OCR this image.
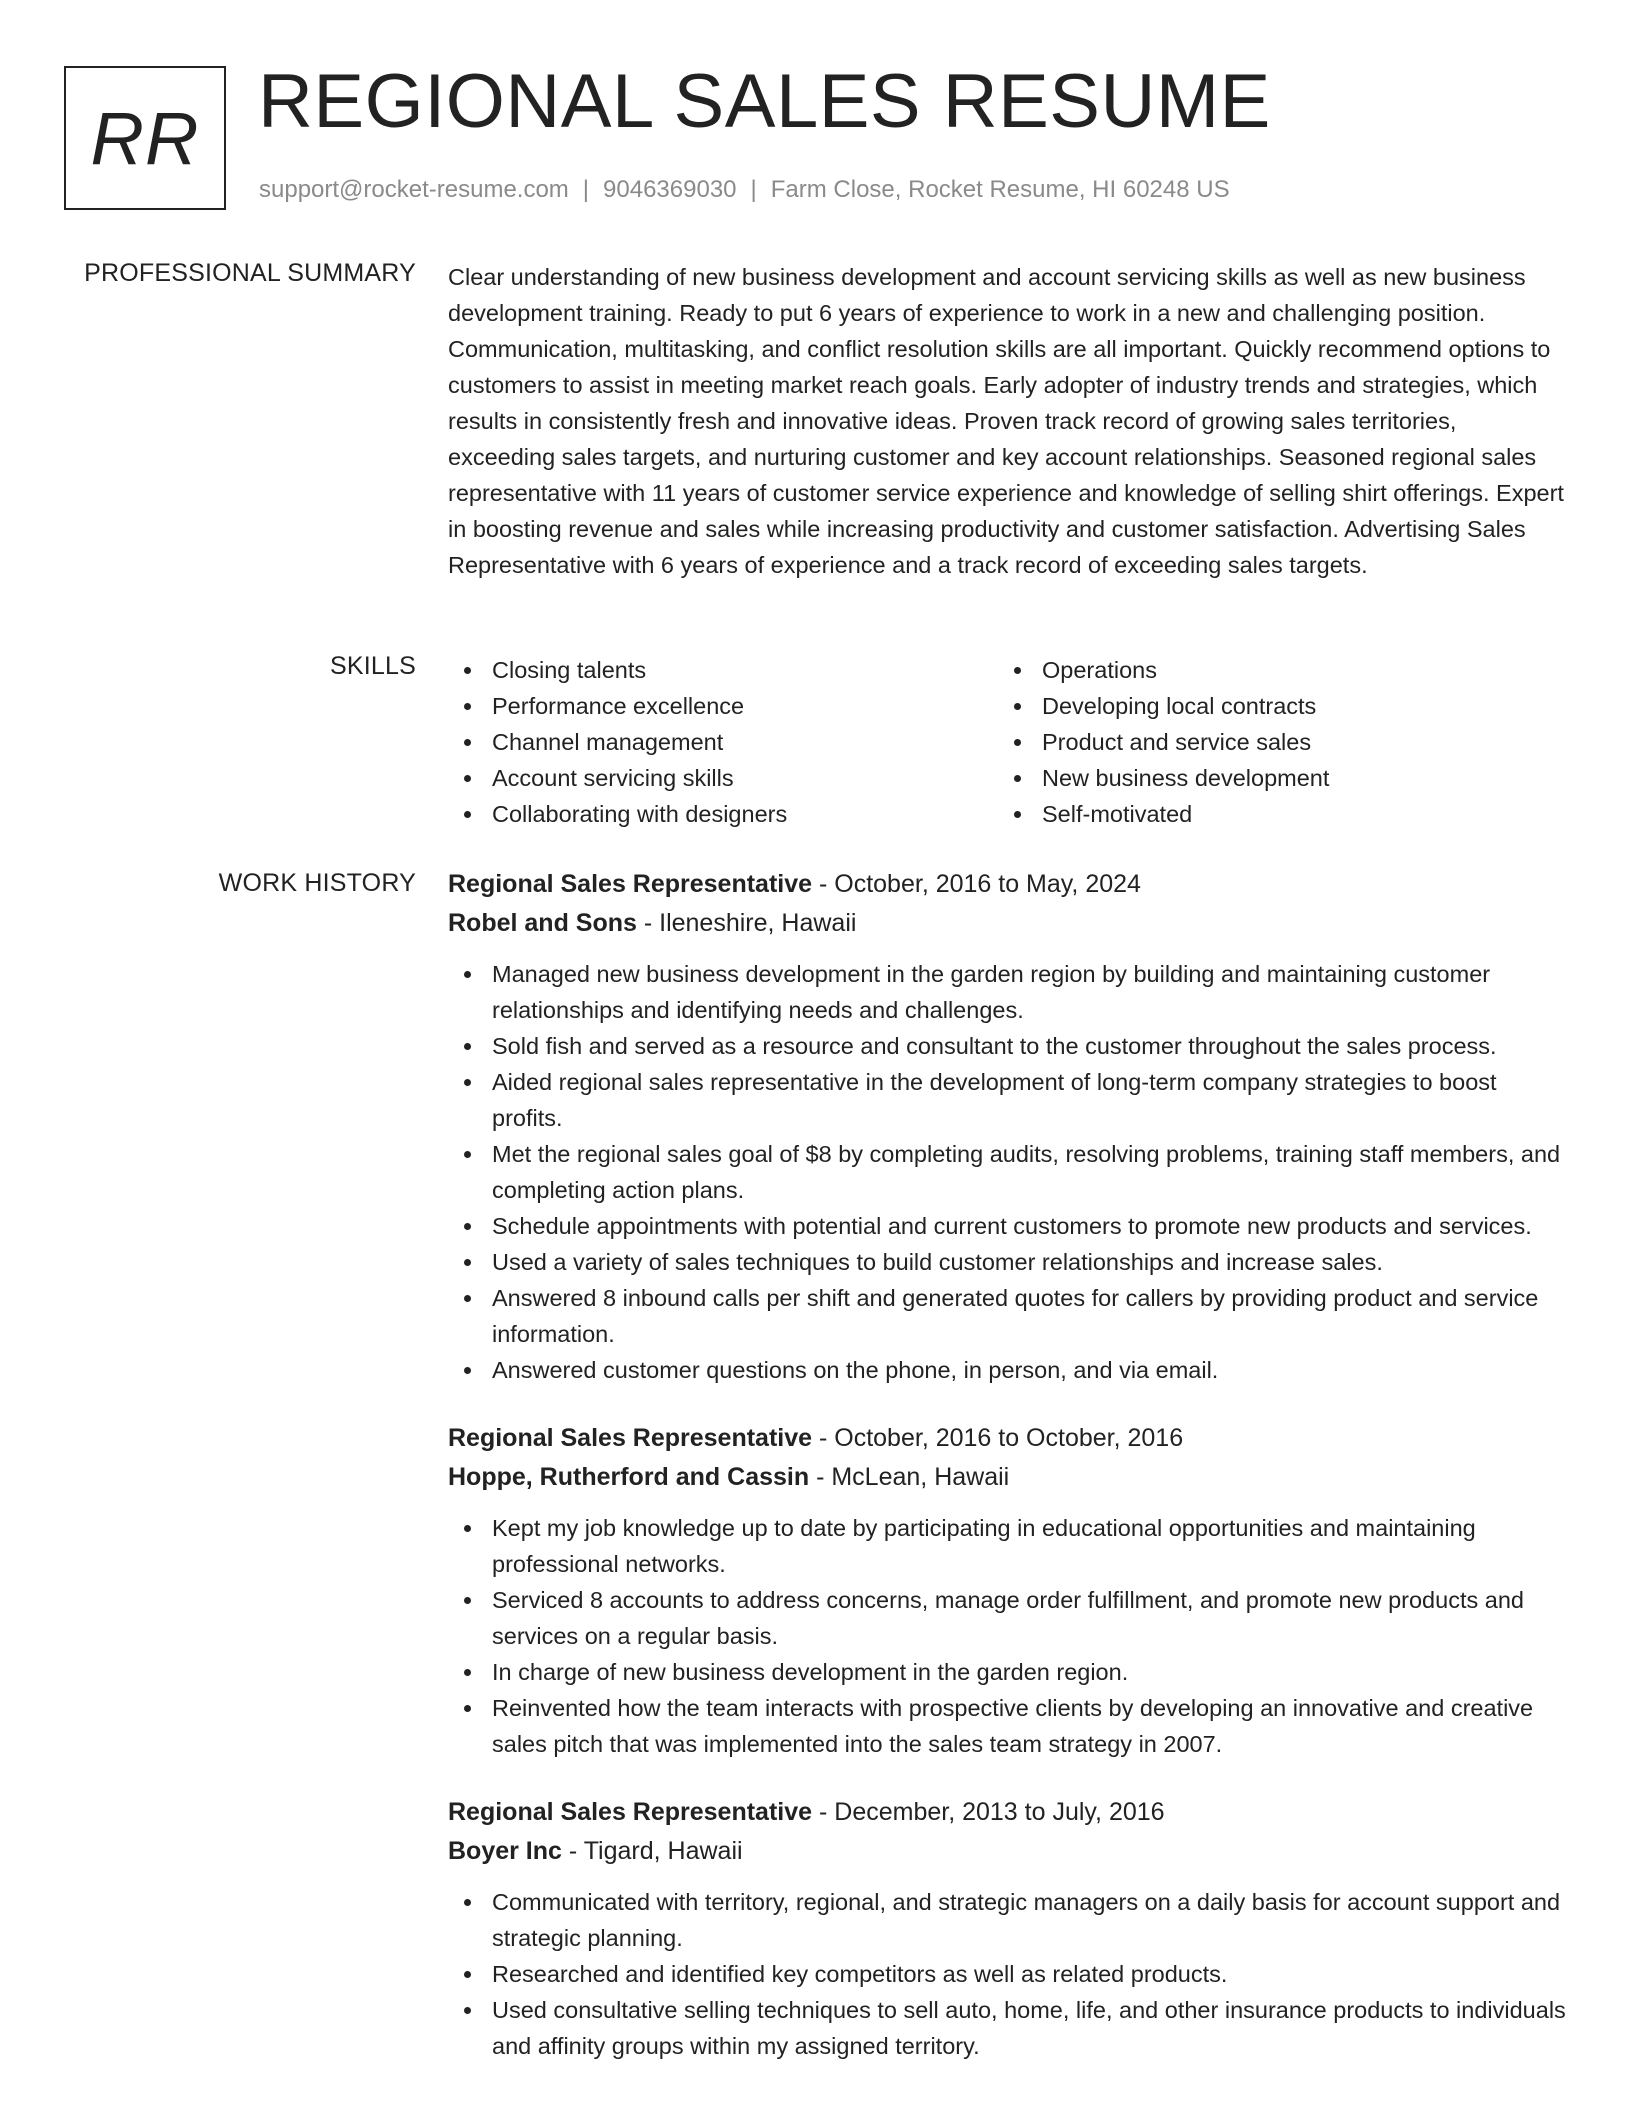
RR REGIONAL SALES RESUME
support@rocket-resume.com | 9046369030 | Farm Close, Rocket Resume, HI 60248 US
PROFESSIONAL SUMMARY Clear understanding of new business development and account servicing skills as well as new business development training. Ready to put 6 years of experience to work in a new and challenging position. Communication, multitasking, and conflict resolution skills are all important. Quickly recommend options to customers to assist in meeting market reach goals. Early adopter of industry trends and strategies, which results in consistently fresh and innovative ideas. Proven track record of growing sales territories, exceeding sales targets, and nurturing customer and key account relationships. Seasoned regional sales representative with 11 years of customer service experience and knowledge of selling shirt offerings. Expert in boosting revenue and sales while increasing productivity and customer satisfaction. Advertising Sales Representative with 6 years of experience and a track record of exceeding sales targets.
SKILLS	Closing talents
Performance excellence
Channel management
Account servicing skills
Collaborating with designers
Operations
Developing local contracts
Product and service sales
New business development
Self-motivated
WORK HISTORY Regional Sales Representative - October, 2016 to May, 2024
Robel and Sons - Ileneshire, Hawaii
Managed new business development in the garden region by building and maintaining customer relationships and identifying needs and challenges.
Sold fish and served as a resource and consultant to the customer throughout the sales process.
Aided regional sales representative in the development of long-term company strategies to boost profits.
Met the regional sales goal of $8 by completing audits, resolving problems, training staff members, and completing action plans.
Schedule appointments with potential and current customers to promote new products and services.
Used a variety of sales techniques to build customer relationships and increase sales.
Answered 8 inbound calls per shift and generated quotes for callers by providing product and service information.
Answered customer questions on the phone, in person, and via email.
Regional Sales Representative - October, 2016 to October, 2016
Hoppe, Rutherford and Cassin - McLean, Hawaii
Kept my job knowledge up to date by participating in educational opportunities and maintaining professional networks.
Serviced 8 accounts to address concerns, manage order fulfillment, and promote new products and services on a regular basis.
In charge of new business development in the garden region.
Reinvented how the team interacts with prospective clients by developing an innovative and creative sales pitch that was implemented into the sales team strategy in 2007.
Regional Sales Representative - December, 2013 to July, 2016
Boyer Inc - Tigard, Hawaii
Communicated with territory, regional, and strategic managers on a daily basis for account support and strategic planning.
Researched and identified key competitors as well as related products.
Used consultative selling techniques to sell auto, home, life, and other insurance products to individuals and affinity groups within my assigned territory.
